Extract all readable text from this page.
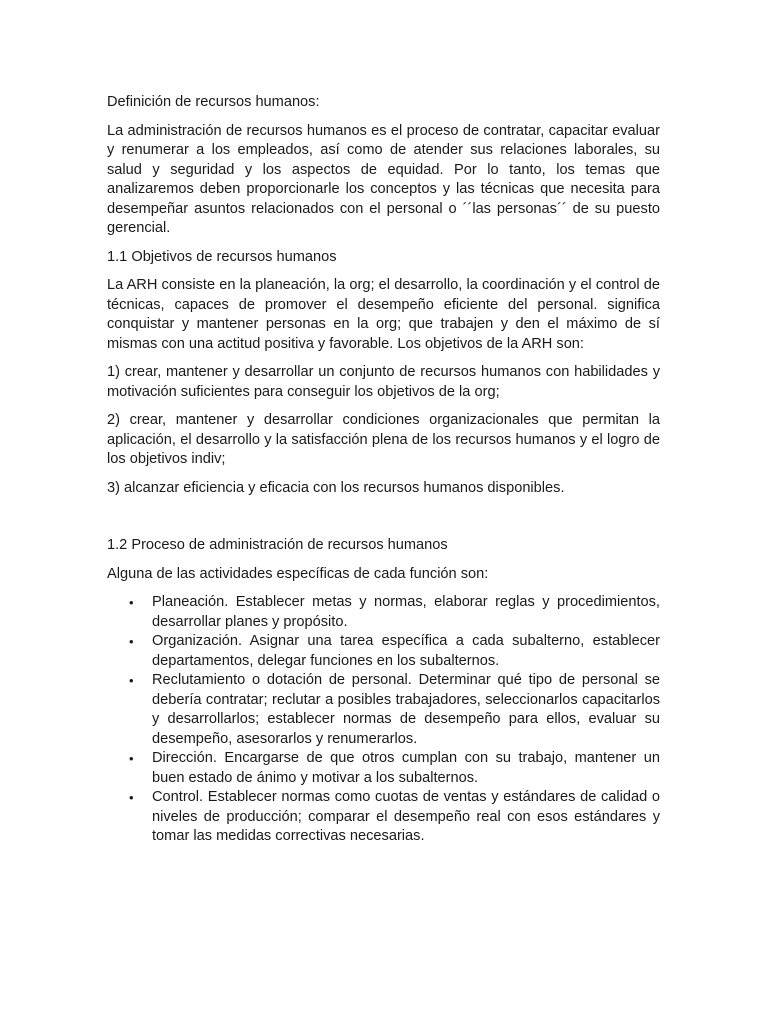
Definición de recursos humanos:

La administración de recursos humanos es el proceso de contratar, capacitar evaluar y renumerar a los empleados, así como de atender sus relaciones laborales, su salud y seguridad y los aspectos de equidad. Por lo tanto, los temas que analizaremos deben proporcionarle los conceptos y las técnicas que necesita para desempeñar asuntos relacionados con el personal o ´´las personas´´ de su puesto gerencial.

1.1 Objetivos de recursos humanos

La ARH consiste en la planeación, la org; el desarrollo, la coordinación y el control de técnicas, capaces de promover el desempeño eficiente del personal. significa conquistar y mantener personas en la org; que trabajen y den el máximo de sí mismas con una actitud positiva y favorable. Los objetivos de la ARH son:

1) crear, mantener y desarrollar un conjunto de recursos humanos con habilidades y motivación suficientes para conseguir los objetivos de la org;

2) crear, mantener y desarrollar condiciones organizacionales que permitan la aplicación, el desarrollo y la satisfacción plena de los recursos humanos y el logro de los objetivos indiv;

3) alcanzar eficiencia y eficacia con los recursos humanos disponibles.

1.2 Proceso de administración de recursos humanos

Alguna de las actividades específicas de cada función son:

• Planeación. Establecer metas y normas, elaborar reglas y procedimientos, desarrollar planes y propósito.
• Organización. Asignar una tarea específica a cada subalterno, establecer departamentos, delegar funciones en los subalternos.
• Reclutamiento o dotación de personal. Determinar qué tipo de personal se debería contratar; reclutar a posibles trabajadores, seleccionarlos capacitarlos y desarrollarlos; establecer normas de desempeño para ellos, evaluar su desempeño, asesorarlos y renumerarlos.
• Dirección. Encargarse de que otros cumplan con su trabajo, mantener un buen estado de ánimo y motivar a los subalternos.
• Control. Establecer normas como cuotas de ventas y estándares de calidad o niveles de producción; comparar el desempeño real con esos estándares y tomar las medidas correctivas necesarias.
